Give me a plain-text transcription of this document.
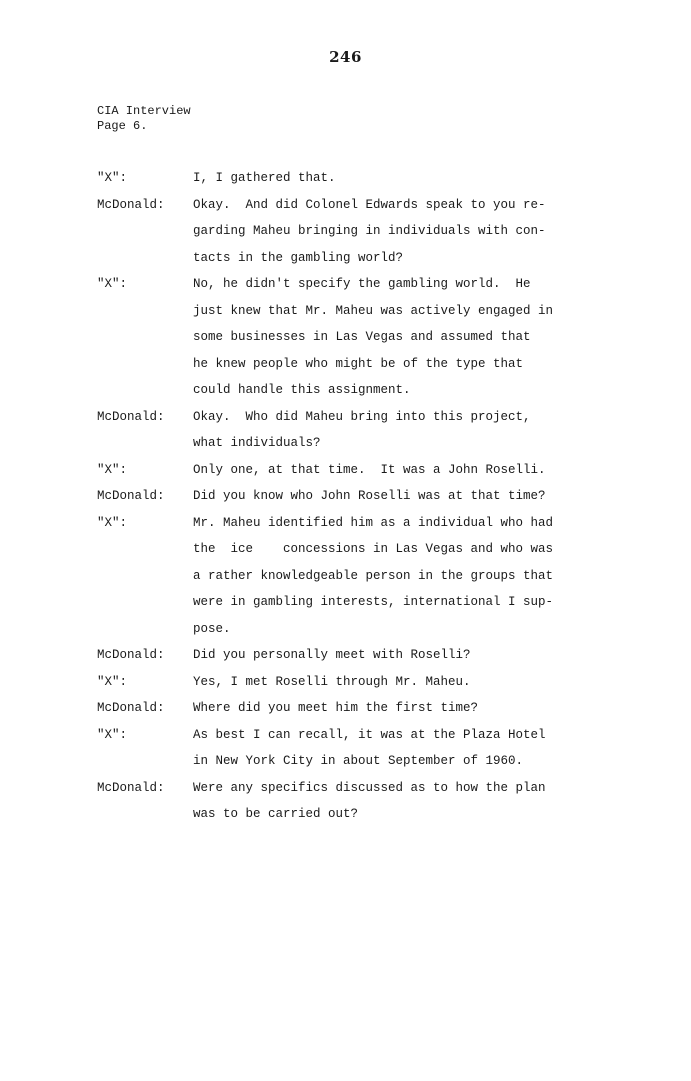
246
CIA Interview
Page 6.
"X":	I, I gathered that.
McDonald:	Okay.  And did Colonel Edwards speak to you re-
garding Maheu bringing in individuals with con-
tacts in the gambling world?
"X":	No, he didn't specify the gambling world.  He
just knew that Mr. Maheu was actively engaged in
some businesses in Las Vegas and assumed that
he knew people who might be of the type that
could handle this assignment.
McDonald:	Okay.  Who did Maheu bring into this project,
what individuals?
"X":	Only one, at that time.  It was a John Roselli.
McDonald:	Did you know who John Roselli was at that time?
"X":	Mr. Maheu identified him as a individual who had
the  ice    concessions in Las Vegas and who was
a rather knowledgeable person in the groups that
were in gambling interests, international I sup-
pose.
McDonald:	Did you personally meet with Roselli?
"X":	Yes, I met Roselli through Mr. Maheu.
McDonald:	Where did you meet him the first time?
"X":	As best I can recall, it was at the Plaza Hotel
in New York City in about September of 1960.
McDonald:	Were any specifics discussed as to how the plan
was to be carried out?
